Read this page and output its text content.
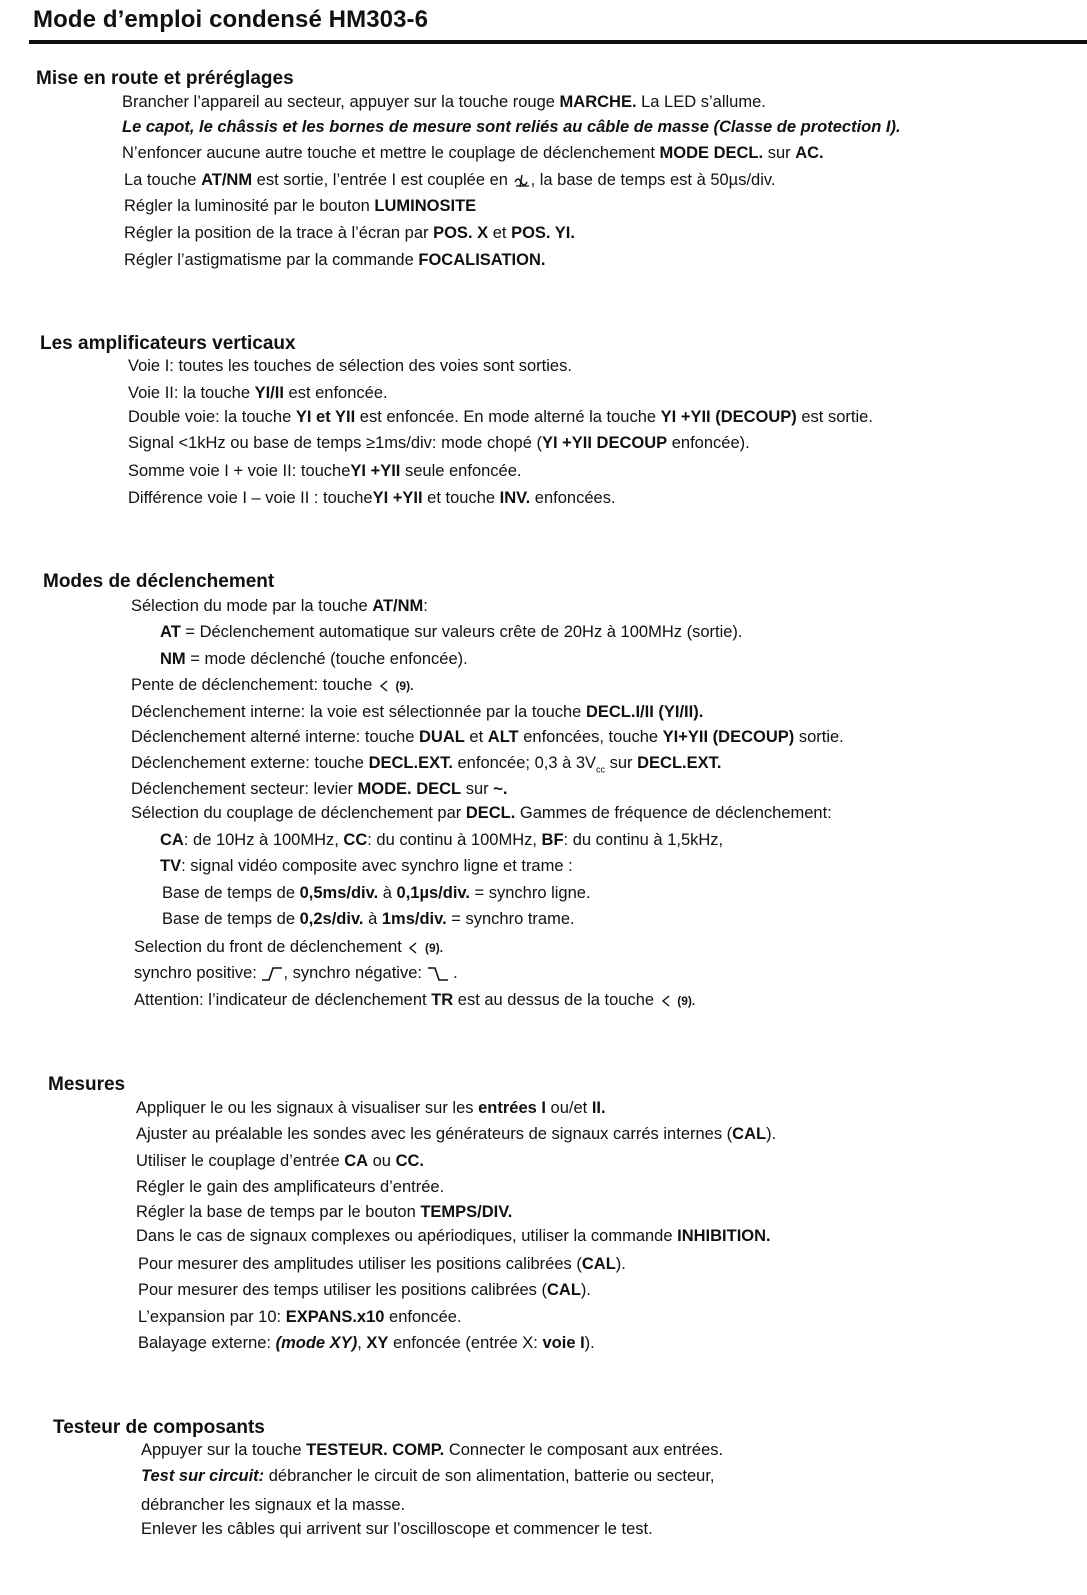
Mode d’emploi condensé HM303-6
Mise en route et préréglages
Brancher l’appareil au secteur, appuyer sur la touche rouge MARCHE. La LED s’allume.
Le capot, le châssis et les bornes de mesure sont reliés au câble de masse (Classe de protection I).
N’enfoncer aucune autre touche et mettre le couplage de déclenchement MODE DECL. sur AC.
La touche AT/NM est sortie, l’entrée I est couplée en
, la base de temps est à 50µs/div.
Régler la luminosité par le bouton LUMINOSITE
Régler la position de la trace à l’écran par POS. X et POS. YI.
Régler l’astigmatisme par la commande FOCALISATION.
Les amplificateurs verticaux
Voie I: toutes les touches de sélection des voies sont sorties.
Voie II: la touche YI/II est enfoncée.
Double voie: la touche YI et YII est enfoncée. En mode alterné la touche YI +YII (DECOUP) est sortie.
Signal <1kHz ou base de temps ≥1ms/div: mode chopé (YI +YII DECOUP enfoncée).
Somme voie I + voie II: toucheYI +YII seule enfoncée.
Différence voie I – voie II : toucheYI +YII et touche INV. enfoncées.
Modes de déclenchement
Sélection du mode par la touche AT/NM:
AT = Déclenchement automatique sur valeurs crête de 20Hz à 100MHz (sortie).
NM = mode déclenché (touche enfoncée).
Pente de déclenchement: touche
(9).
Déclenchement interne: la voie est sélectionnée par la touche DECL.I/II (YI/II).
Déclenchement alterné interne: touche DUAL et ALT enfoncées, touche YI+YII (DECOUP) sortie.
Déclenchement externe: touche DECL.EXT. enfoncée; 0,3 à $3V_{cc}$ sur DECL.EXT.
Déclenchement secteur: levier MODE. DECL sur ~.
Sélection du couplage de déclenchement par DECL. Gammes de fréquence de déclenchement:
CA: de 10Hz à 100MHz, CC: du continu à 100MHz, BF: du continu à 1,5kHz,
TV: signal vidéo composite avec synchro ligne et trame :
Base de temps de 0,5ms/div. à 0,1µs/div. = synchro ligne.
Base de temps de 0,2s/div. à 1ms/div. = synchro trame.
Selection du front de déclenchement
(9).
synchro positive:
, synchro négative:
.
Attention: l’indicateur de déclenchement TR est au dessus de la touche
(9).
Mesures
Appliquer le ou les signaux à visualiser sur les entrées I ou/et II.
Ajuster au préalable les sondes avec les générateurs de signaux carrés internes (CAL).
Utiliser le couplage d’entrée CA ou CC.
Régler le gain des amplificateurs d’entrée.
Régler la base de temps par le bouton TEMPS/DIV.
Dans le cas de signaux complexes ou apériodiques, utiliser la commande INHIBITION.
Pour mesurer des amplitudes utiliser les positions calibrées (CAL).
Pour mesurer des temps utiliser les positions calibrées (CAL).
L’expansion par 10: EXPANS.x10 enfoncée.
Balayage externe: (mode XY), XY enfoncée (entrée X: voie I).
Testeur de composants
Appuyer sur la touche TESTEUR. COMP. Connecter le composant aux entrées.
Test sur circuit: débrancher le circuit de son alimentation, batterie ou secteur,
débrancher les signaux et la masse.
Enlever les câbles qui arrivent sur l’oscilloscope et commencer le test.
